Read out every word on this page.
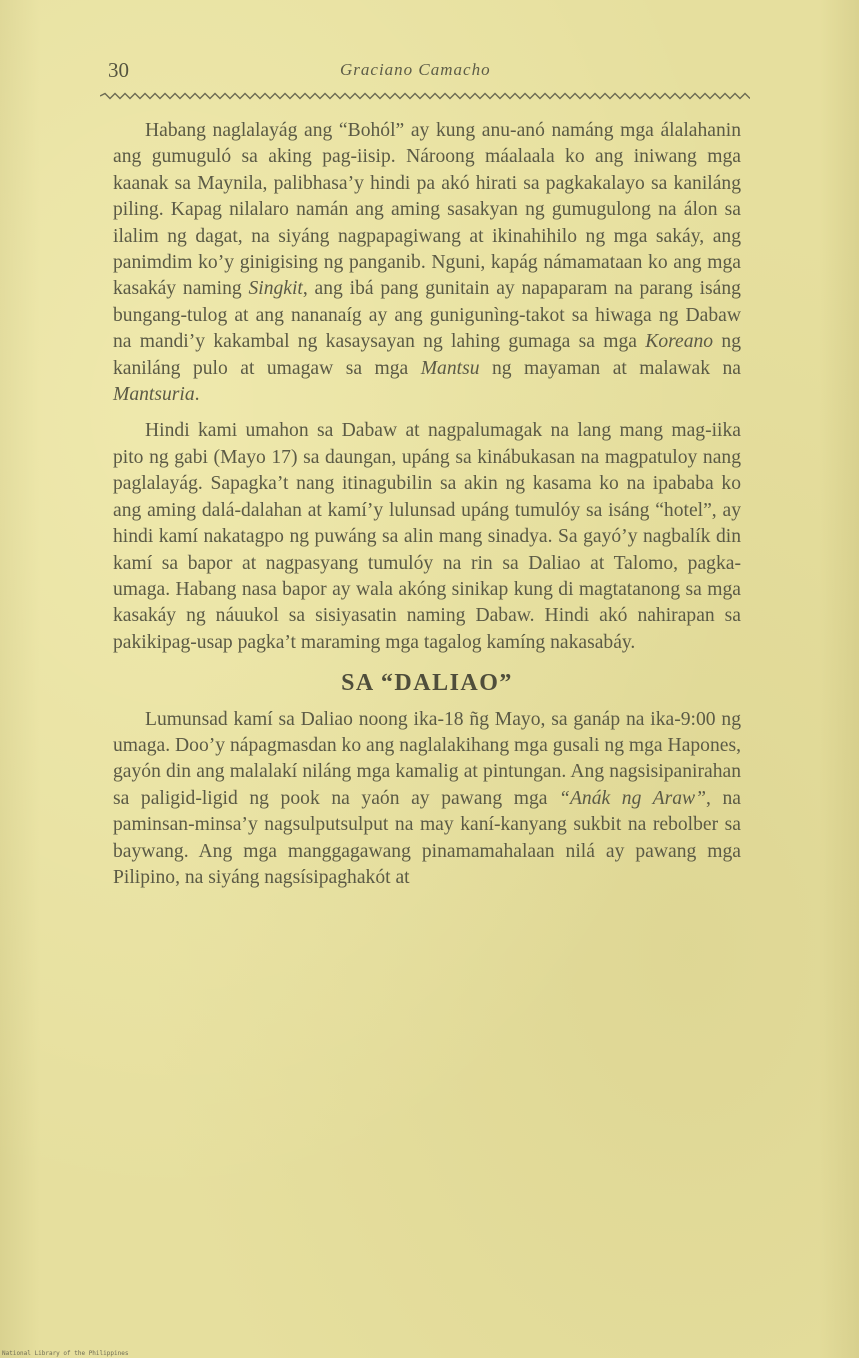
30	Graciano Camacho

Habang naglalayág ang “Bohól” ay kung anu-anó namáng mga álalahanin ang gumuguló sa aking pag-iisip. Nároong máalaala ko ang iniwang mga kaanak sa Maynila, palibhasa’y hindi pa akó hirati sa pagkakalayo sa kaniláng piling. Kapag nilalaro namán ang aming sasakyan ng gumugulong na álon sa ilalim ng dagat, na siyáng nagpapagiwang at ikinahihilo ng mga sakáy, ang panimdim ko’y ginigising ng panganib. Nguni, kapág námamataan ko ang mga kasakáy naming Singkit, ang ibá pang gunitain ay napaparam na parang isáng bungang-tulog at ang nananaíg ay ang gunigunìng-takot sa hiwaga ng Dabaw na mandi’y kakambal ng kasaysayan ng lahing gumaga sa mga Koreano ng kaniláng pulo at umagaw sa mga Mantsu ng mayaman at malawak na Mantsuria.

Hindi kami umahon sa Dabaw at nagpalumagak na lang mang mag-iika pito ng gabi (Mayo 17) sa daungan, upáng sa kinábukasan na magpatuloy nang paglalayág. Sapagka’t nang itinagubilin sa akin ng kasama ko na ipababa ko ang aming dalá-dalahan at kamí’y lulunsad upáng tumulóy sa isáng “hotel”, ay hindi kamí nakatagpo ng puwáng sa alin mang sinadya. Sa gayó’y nagbalík din kamí sa bapor at nagpasyang tumulóy na rin sa Daliao at Talomo, pagka-umaga. Habang nasa bapor ay wala akóng sinikap kung di magtatanong sa mga kasakáy ng náuukol sa sisiyasatin naming Dabaw. Hindi akó nahirapan sa pakikipag-usap pagka’t maraming mga tagalog kamíng nakasabáy.

SA “DALIAO”

Lumunsad kamí sa Daliao noong ika-18 ñg Mayo, sa ganáp na ika-9:00 ng umaga. Doo’y nápagmasdan ko ang naglalakihang mga gusali ng mga Hapones, gayón din ang malalakí niláng mga kamalig at pintungan. Ang nagsisipanirahan sa paligid-ligid ng pook na yaón ay pawang mga “Anák ng Araw”, na paminsan-minsa’y nagsulputsulput na may kaní-kanyang sukbit na rebolber sa baywang. Ang mga manggagawang pinamamahalaan nilá ay pawang mga Pilipino, na siyáng nagsísipaghakót at

National Library of the Philippines
